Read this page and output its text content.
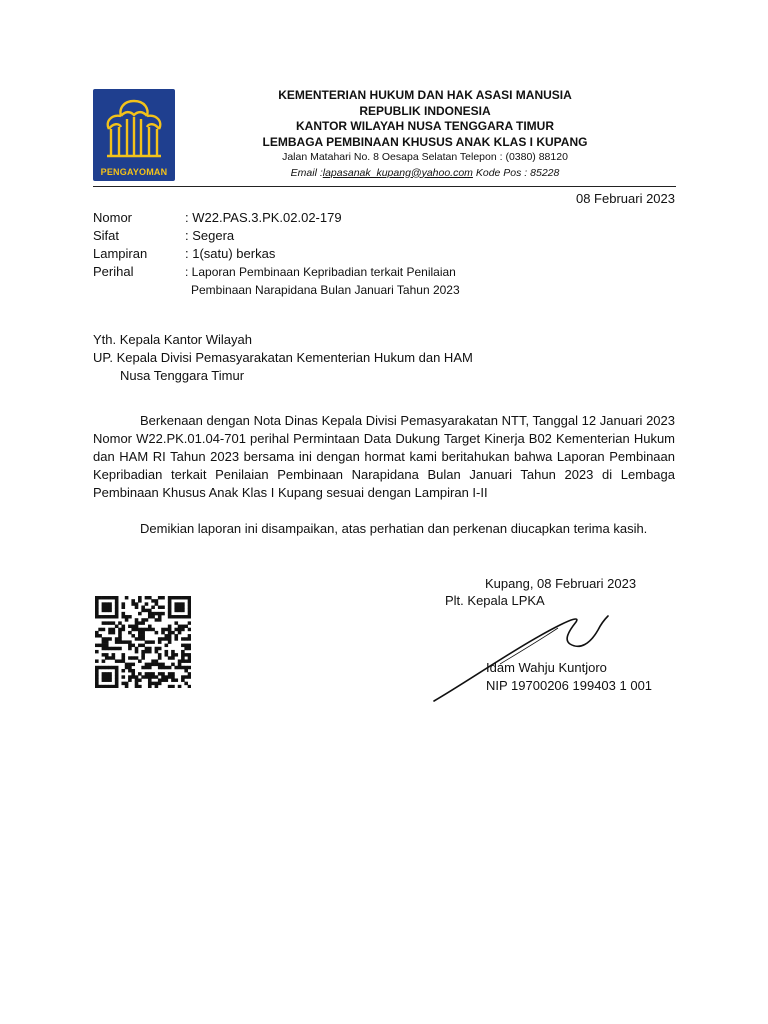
PENGAYOMAN
KEMENTERIAN HUKUM DAN HAK ASASI MANUSIA
REPUBLIK INDONESIA
KANTOR WILAYAH NUSA TENGGARA TIMUR
LEMBAGA PEMBINAAN KHUSUS ANAK KLAS I KUPANG
Jalan Matahari No. 8 Oesapa Selatan Telepon : (0380) 88120
Email :lapasanak_kupang@yahoo.com Kode Pos : 85228
08 Februari 2023
Nomor	: W22.PAS.3.PK.02.02-179
Sifat	: Segera
Lampiran	: 1(satu) berkas
Perihal	: Laporan Pembinaan Kepribadian terkait Penilaian
Pembinaan Narapidana Bulan Januari Tahun 2023
Yth. Kepala Kantor Wilayah
UP. Kepala Divisi Pemasyarakatan Kementerian Hukum dan HAM
Nusa Tenggara Timur

Berkenaan dengan Nota Dinas Kepala Divisi Pemasyarakatan NTT, Tanggal 12 Januari 2023 Nomor W22.PK.01.04-701 perihal Permintaan Data Dukung Target Kinerja B02 Kementerian Hukum dan HAM RI Tahun 2023 bersama ini dengan hormat kami beritahukan bahwa Laporan Pembinaan Kepribadian terkait Penilaian Pembinaan Narapidana Bulan Januari Tahun 2023 di Lembaga Pembinaan Khusus Anak Klas I Kupang sesuai dengan Lampiran I-II

Demikian laporan ini disampaikan, atas perhatian dan perkenan diucapkan terima kasih.

Kupang, 08 Februari 2023
Plt. Kepala LPKA
Idam Wahju Kuntjoro
NIP 19700206 199403 1 001
